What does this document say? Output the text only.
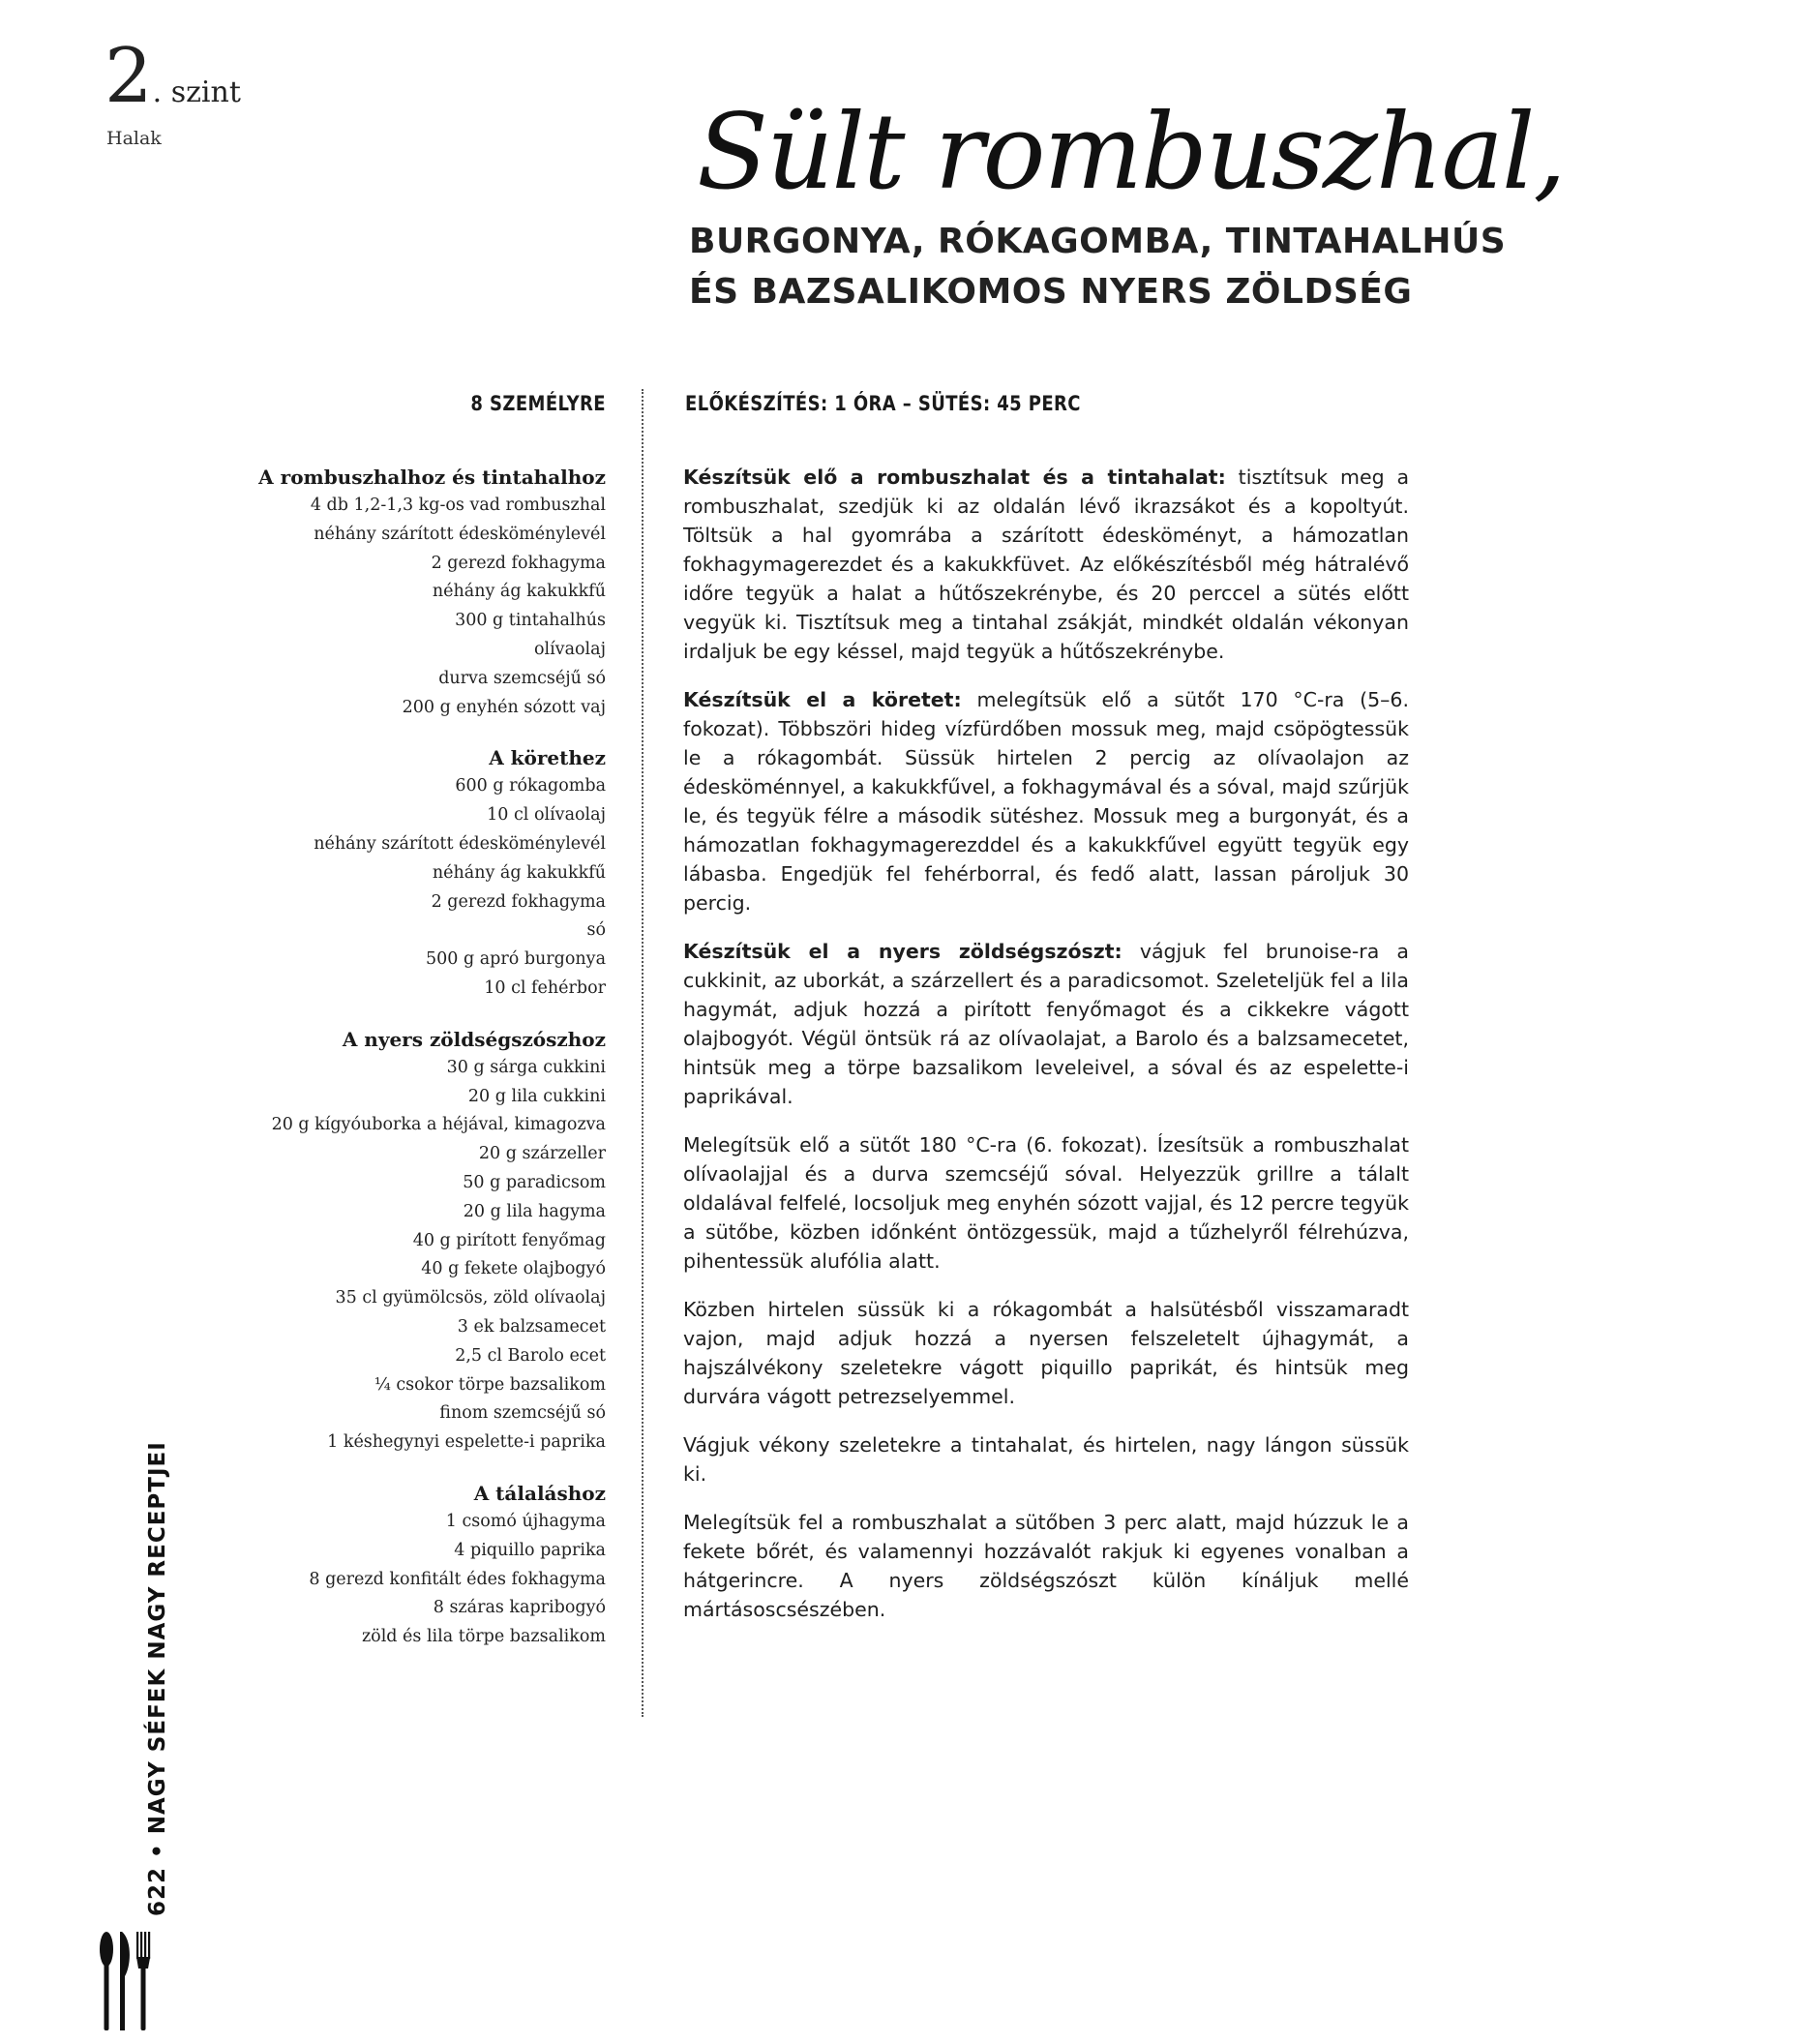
2. szint
Halak	Sült rombuszhal,
BURGONYA, RÓKAGOMBA, TINTAHALHÚS
ÉS BAZSALIKOMOS NYERS ZÖLDSÉG
8 SZEMÉLYRE	ELŐKÉSZÍTÉS: 1 ÓRA – SÜTÉS: 45 PERC
A rombuszhalhoz és tintahalhoz
4 db 1,2-1,3 kg-os vad rombuszhal
néhány szárított édesköménylevél
2 gerezd fokhagyma
néhány ág kakukkfű
300 g tintahalhús
olívaolaj
durva szemcséjű só
200 g enyhén sózott vaj
A körethez
600 g rókagomba
10 cl olívaolaj
néhány szárított édesköménylevél
néhány ág kakukkfű
2 gerezd fokhagyma
só
500 g apró burgonya
10 cl fehérbor
A nyers zöldségszószhoz
30 g sárga cukkini
20 g lila cukkini
20 g kígyóuborka a héjával, kimagozva
20 g szárzeller
50 g paradicsom
20 g lila hagyma
40 g pirított fenyőmag
40 g fekete olajbogyó
35 cl gyümölcsös, zöld olívaolaj
3 ek balzsamecet
2,5 cl Barolo ecet
¼ csokor törpe bazsalikom
finom szemcséjű só
1 késhegynyi espelette-i paprika
A tálaláshoz
1 csomó újhagyma
4 piquillo paprika
8 gerezd konfitált édes fokhagyma
8 száras kapribogyó
zöld és lila törpe bazsalikom

Készítsük elő a rombuszhalat és a tintahalat: tisztítsuk meg a rombuszhalat, szedjük ki az oldalán lévő ikrazsákot és a kopoltyút. Töltsük a hal gyomrába a szárított édesköményt, a hámozatlan fokhagymagerezdet és a kakukkfüvet. Az előkészítésből még hátralévő időre tegyük a halat a hűtőszekrénybe, és 20 perccel a sütés előtt vegyük ki. Tisztítsuk meg a tintahal zsákját, mindkét oldalán vékonyan irdaljuk be egy késsel, majd tegyük a hűtőszekrénybe.

Készítsük el a köretet: melegítsük elő a sütőt 170 °C-ra (5–6. fokozat). Többszöri hideg vízfürdőben mossuk meg, majd csöpögtessük le a rókagombát. Süssük hirtelen 2 percig az olívaolajon az édesköménnyel, a kakukkfűvel, a fokhagymával és a sóval, majd szűrjük le, és tegyük félre a második sütéshez. Mossuk meg a burgonyát, és a hámozatlan fokhagymagerezddel és a kakukkfűvel együtt tegyük egy lábasba. Engedjük fel fehérborral, és fedő alatt, lassan pároljuk 30 percig.

Készítsük el a nyers zöldségszószt: vágjuk fel brunoise-ra a cukkinit, az uborkát, a szárzellert és a paradicsomot. Szeleteljük fel a lila hagymát, adjuk hozzá a pirított fenyőmagot és a cikkekre vágott olajbogyót. Végül öntsük rá az olívaolajat, a Barolo és a balzsamecetet, hintsük meg a törpe bazsalikom leveleivel, a sóval és az espelette-i paprikával.

Melegítsük elő a sütőt 180 °C-ra (6. fokozat). Ízesítsük a rombuszhalat olívaolajjal és a durva szemcséjű sóval. Helyezzük grillre a tálalt oldalával felfelé, locsoljuk meg enyhén sózott vajjal, és 12 percre tegyük a sütőbe, közben időnként öntözgessük, majd a tűzhelyről félrehúzva, pihentessük alufólia alatt.

Közben hirtelen süssük ki a rókagombát a halsütésből visszamaradt vajon, majd adjuk hozzá a nyersen felszeletelt újhagymát, a hajszálvékony szeletekre vágott piquillo paprikát, és hintsük meg durvára vágott petrezselyemmel.

Vágjuk vékony szeletekre a tintahalat, és hirtelen, nagy lángon süssük ki.

Melegítsük fel a rombuszhalat a sütőben 3 perc alatt, majd húzzuk le a fekete bőrét, és valamennyi hozzávalót rakjuk ki egyenes vonalban a hátgerincre. A nyers zöldségszószt külön kínáljuk mellé mártásoscsészében.

622 • NAGY SÉFEK NAGY RECEPTJEI
